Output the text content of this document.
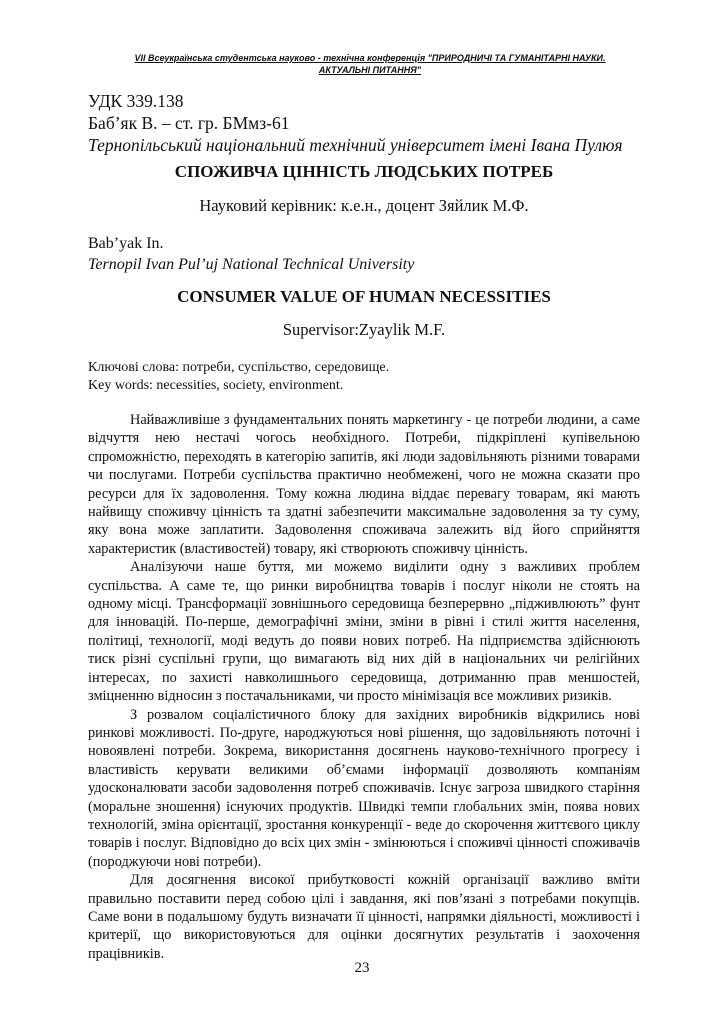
VII Всеукраїнська студентська науково - технічна конференція "ПРИРОДНИЧІ ТА ГУМАНІТАРНІ НАУКИ.
АКТУАЛЬНІ ПИТАННЯ"
УДК 339.138
Баб’як В. – ст. гр. БМмз-61
Тернопільський національний технічний університет імені Івана Пулюя
СПОЖИВЧА ЦІННІСТЬ ЛЮДСЬКИХ ПОТРЕБ
Науковий керівник: к.е.н., доцент Зяйлик М.Ф.
Bab’yak In.
Ternopil Ivan Pul’uj National Technical University
CONSUMER VALUE OF HUMAN NECESSITIES
Supervisor:Zyaylik M.F.
Ключові слова: потреби, суспільство, середовище.
Key words: necessities, society, environment.

Найважливіше з фундаментальних понять маркетингу - це потреби людини, а саме відчуття нею нестачі чогось необхідного. Потреби, підкріплені купівельною спроможністю, переходять в категорію запитів, які люди задовільняють різними товарами чи послугами. Потреби суспільства практично необмежені, чого не можна сказати про ресурси для їх задоволення. Тому кожна людина віддає перевагу товарам, які мають найвищу споживчу цінність та здатні забезпечити максимальне задоволення за ту суму, яку вона може заплатити. Задоволення споживача залежить від його сприйняття характеристик (властивостей) товару, які створюють споживчу цінність.

Аналізуючи наше буття, ми можемо виділити одну з важливих проблем суспільства. А саме те, що ринки виробництва товарів і послуг ніколи не стоять на одному місці. Трансформації зовнішнього середовища безперервно „підживлюють” фунт для інновацій. По-перше, демографічні зміни, зміни в рівні і стилі життя населення, політиці, технології, моді ведуть до появи нових потреб. На підприємства здійснюють тиск різні суспільні групи, що вимагають від них дій в національних чи релігійних інтересах, по захисті навколишнього середовища, дотриманню прав меншостей, зміцненню відносин з постачальниками, чи просто мінімізація все можливих ризиків.

З розвалом соціалістичного блоку для західних виробників відкрились нові ринкові можливості. По-друге, народжуються нові рішення, що задовільняють поточні і новоявлені потреби. Зокрема, використання досягнень науково-технічного прогресу і властивість керувати великими об’ємами інформації дозволяють компаніям удосконалювати засоби задоволення потреб споживачів. Існує загроза швидкого старіння (моральне зношення) існуючих продуктів. Швидкі темпи глобальних змін, поява нових технологій, зміна орієнтації, зростання конкуренції - веде до скорочення життєвого циклу товарів і послуг. Відповідно до всіх цих змін - змінюються і споживчі цінності споживачів (породжуючи нові потреби).

Для досягнення високої прибутковості кожній організації важливо вміти правильно поставити перед собою цілі і завдання, які пов’язані з потребами покупців. Саме вони в подальшому будуть визначати її цінності, напрямки діяльності, можливості і критерії, що використовуються для оцінки досягнутих результатів і заохочення працівників.

23
